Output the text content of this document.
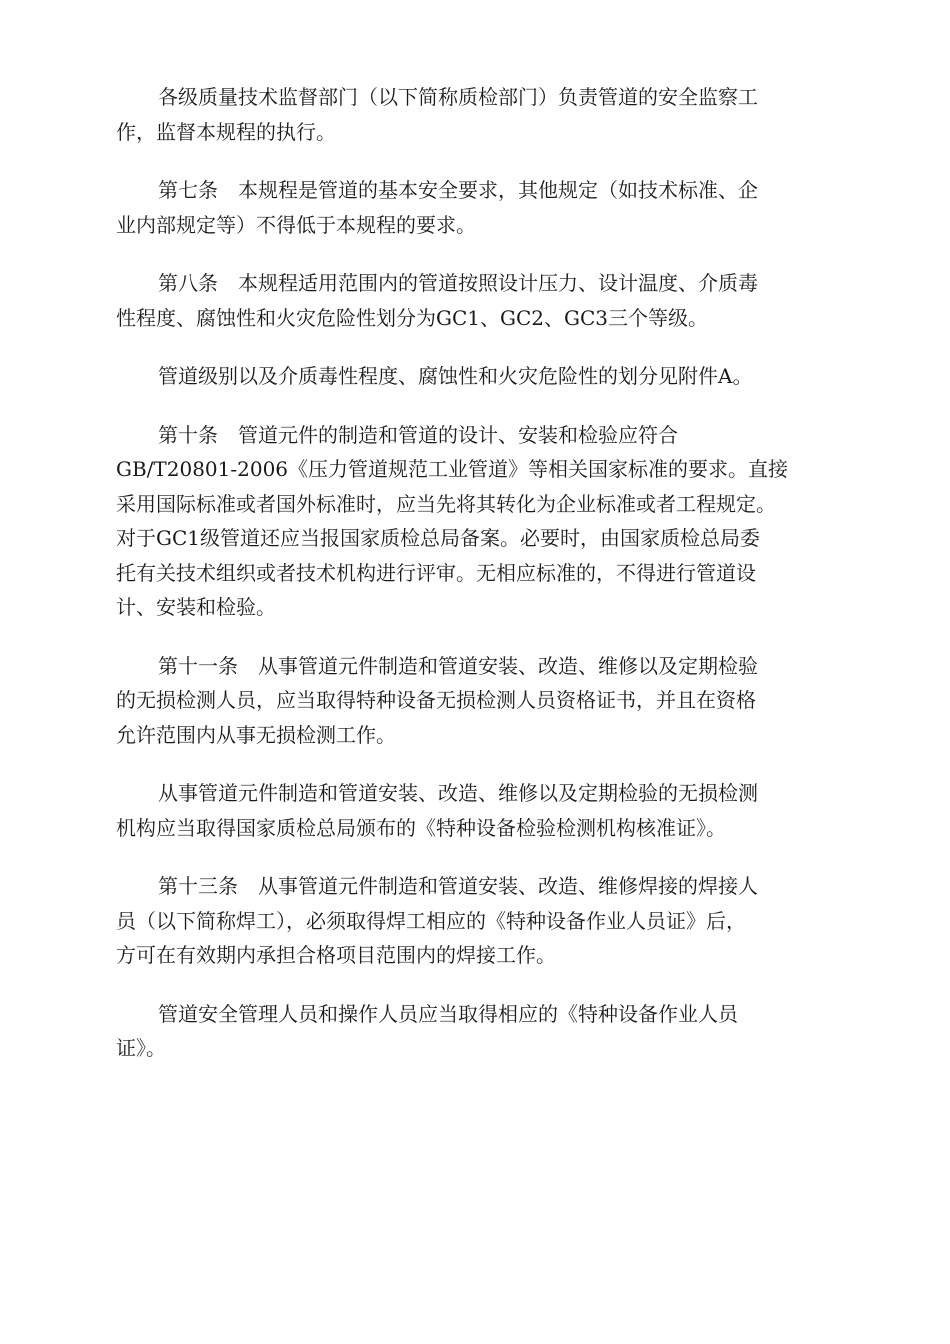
各级质量技术监督部门（以下简称质检部门）负责管道的安全监察工
作，监督本规程的执行。

第七条　本规程是管道的基本安全要求，其他规定（如技术标准、企
业内部规定等）不得低于本规程的要求。

第八条　本规程适用范围内的管道按照设计压力、设计温度、介质毒
性程度、腐蚀性和火灾危险性划分为GC1、GC2、GC3三个等级。

管道级别以及介质毒性程度、腐蚀性和火灾危险性的划分见附件A。

第十条　管道元件的制造和管道的设计、安装和检验应符合
GB/T20801-2006《压力管道规范工业管道》等相关国家标准的要求。直接
采用国际标准或者国外标准时，应当先将其转化为企业标准或者工程规定。
对于GC1级管道还应当报国家质检总局备案。必要时，由国家质检总局委
托有关技术组织或者技术机构进行评审。无相应标准的，不得进行管道设
计、安装和检验。

第十一条　从事管道元件制造和管道安装、改造、维修以及定期检验
的无损检测人员，应当取得特种设备无损检测人员资格证书，并且在资格
允许范围内从事无损检测工作。

从事管道元件制造和管道安装、改造、维修以及定期检验的无损检测
机构应当取得国家质检总局颁布的《特种设备检验检测机构核准证》。

第十三条　从事管道元件制造和管道安装、改造、维修焊接的焊接人
员（以下简称焊工），必须取得焊工相应的《特种设备作业人员证》后，
方可在有效期内承担合格项目范围内的焊接工作。

管道安全管理人员和操作人员应当取得相应的《特种设备作业人员
证》。
